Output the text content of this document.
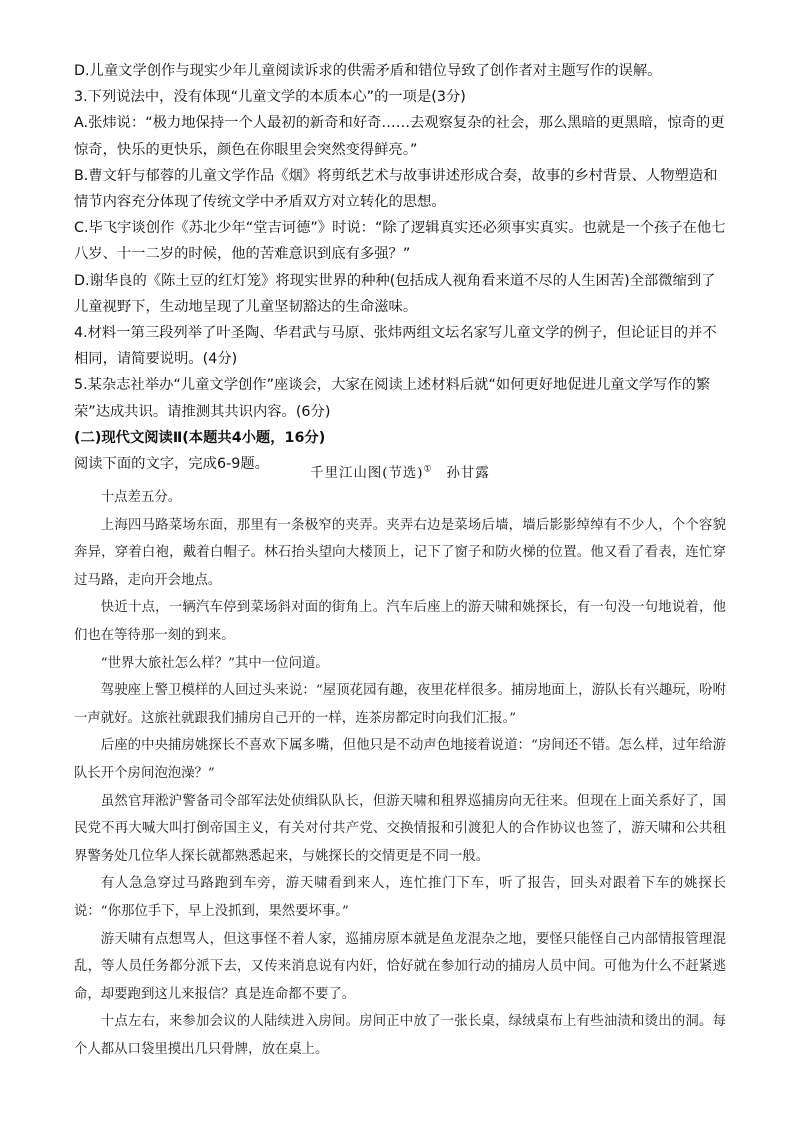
D.儿童文学创作与现实少年儿童阅读诉求的供需矛盾和错位导致了创作者对主题写作的误解。

3.下列说法中，没有体现“儿童文学的本质本心”的一项是(3分)

A.张炜说：“极力地保持一个人最初的新奇和好奇……去观察复杂的社会，那么黑暗的更黑暗，惊奇的更惊奇，快乐的更快乐，颜色在你眼里会突然变得鲜亮。”

B.曹文轩与郁蓉的儿童文学作品《烟》将剪纸艺术与故事讲述形成合奏，故事的乡村背景、人物塑造和情节内容充分体现了传统文学中矛盾双方对立转化的思想。

C.毕飞宇谈创作《苏北少年“堂吉诃德”》时说：“除了逻辑真实还必须事实真实。也就是一个孩子在他七八岁、十一二岁的时候，他的苦难意识到底有多强？”

D.谢华良的《陈土豆的红灯笼》将现实世界的种种(包括成人视角看来道不尽的人生困苦)全部微缩到了儿童视野下，生动地呈现了儿童坚韧豁达的生命滋味。

4.材料一第三段列举了叶圣陶、华君武与马原、张炜两组文坛名家写儿童文学的例子，但论证目的并不相同，请简要说明。(4分)

5.某杂志社举办“儿童文学创作”座谈会，大家在阅读上述材料后就“如何更好地促进儿童文学写作的繁荣”达成共识。请推测其共识内容。(6分)

(二)现代文阅读Ⅱ(本题共4小题，16分)

阅读下面的文字，完成6-9题。

千里江山图(节选)① 孙甘露

十点差五分。

上海四马路菜场东面，那里有一条极窄的夹弄。夹弄右边是菜场后墙，墙后影影绰绰有不少人，个个容貌奔异，穿着白袍，戴着白帽子。林石抬头望向大楼顶上，记下了窗子和防火梯的位置。他又看了看表，连忙穿过马路，走向开会地点。

快近十点，一辆汽车停到菜场斜对面的街角上。汽车后座上的游天啸和姚探长，有一句没一句地说着，他们也在等待那一刻的到来。

“世界大旅社怎么样？”其中一位问道。

驾驶座上警卫模样的人回过头来说：“屋顶花园有趣，夜里花样很多。捕房地面上，游队长有兴趣玩，吩咐一声就好。这旅社就跟我们捕房自己开的一样，连茶房都定时向我们汇报。”

后座的中央捕房姚探长不喜欢下属多嘴，但他只是不动声色地接着说道：“房间还不错。怎么样，过年给游队长开个房间泡泡澡？”

虽然官拜淞沪警备司令部军法处侦缉队队长，但游天啸和租界巡捕房向无往来。但现在上面关系好了，国民党不再大喊大叫打倒帝国主义，有关对付共产党、交换情报和引渡犯人的合作协议也签了，游天啸和公共租界警务处几位华人探长就都熟悉起来，与姚探长的交情更是不同一般。

有人急急穿过马路跑到车旁，游天啸看到来人，连忙推门下车，听了报告，回头对跟着下车的姚探长说：“你那位手下，早上没抓到，果然要坏事。”

游天啸有点想骂人，但这事怪不着人家，巡捕房原本就是鱼龙混杂之地，要怪只能怪自己内部情报管理混乱，等人员任务都分派下去，又传来消息说有内奸，恰好就在参加行动的捕房人员中间。可他为什么不赶紧逃命，却要跑到这儿来报信？真是连命都不要了。

十点左右，来参加会议的人陆续进入房间。房间正中放了一张长桌，绿绒桌布上有些油渍和烫出的洞。每个人都从口袋里摸出几只骨牌，放在桌上。
